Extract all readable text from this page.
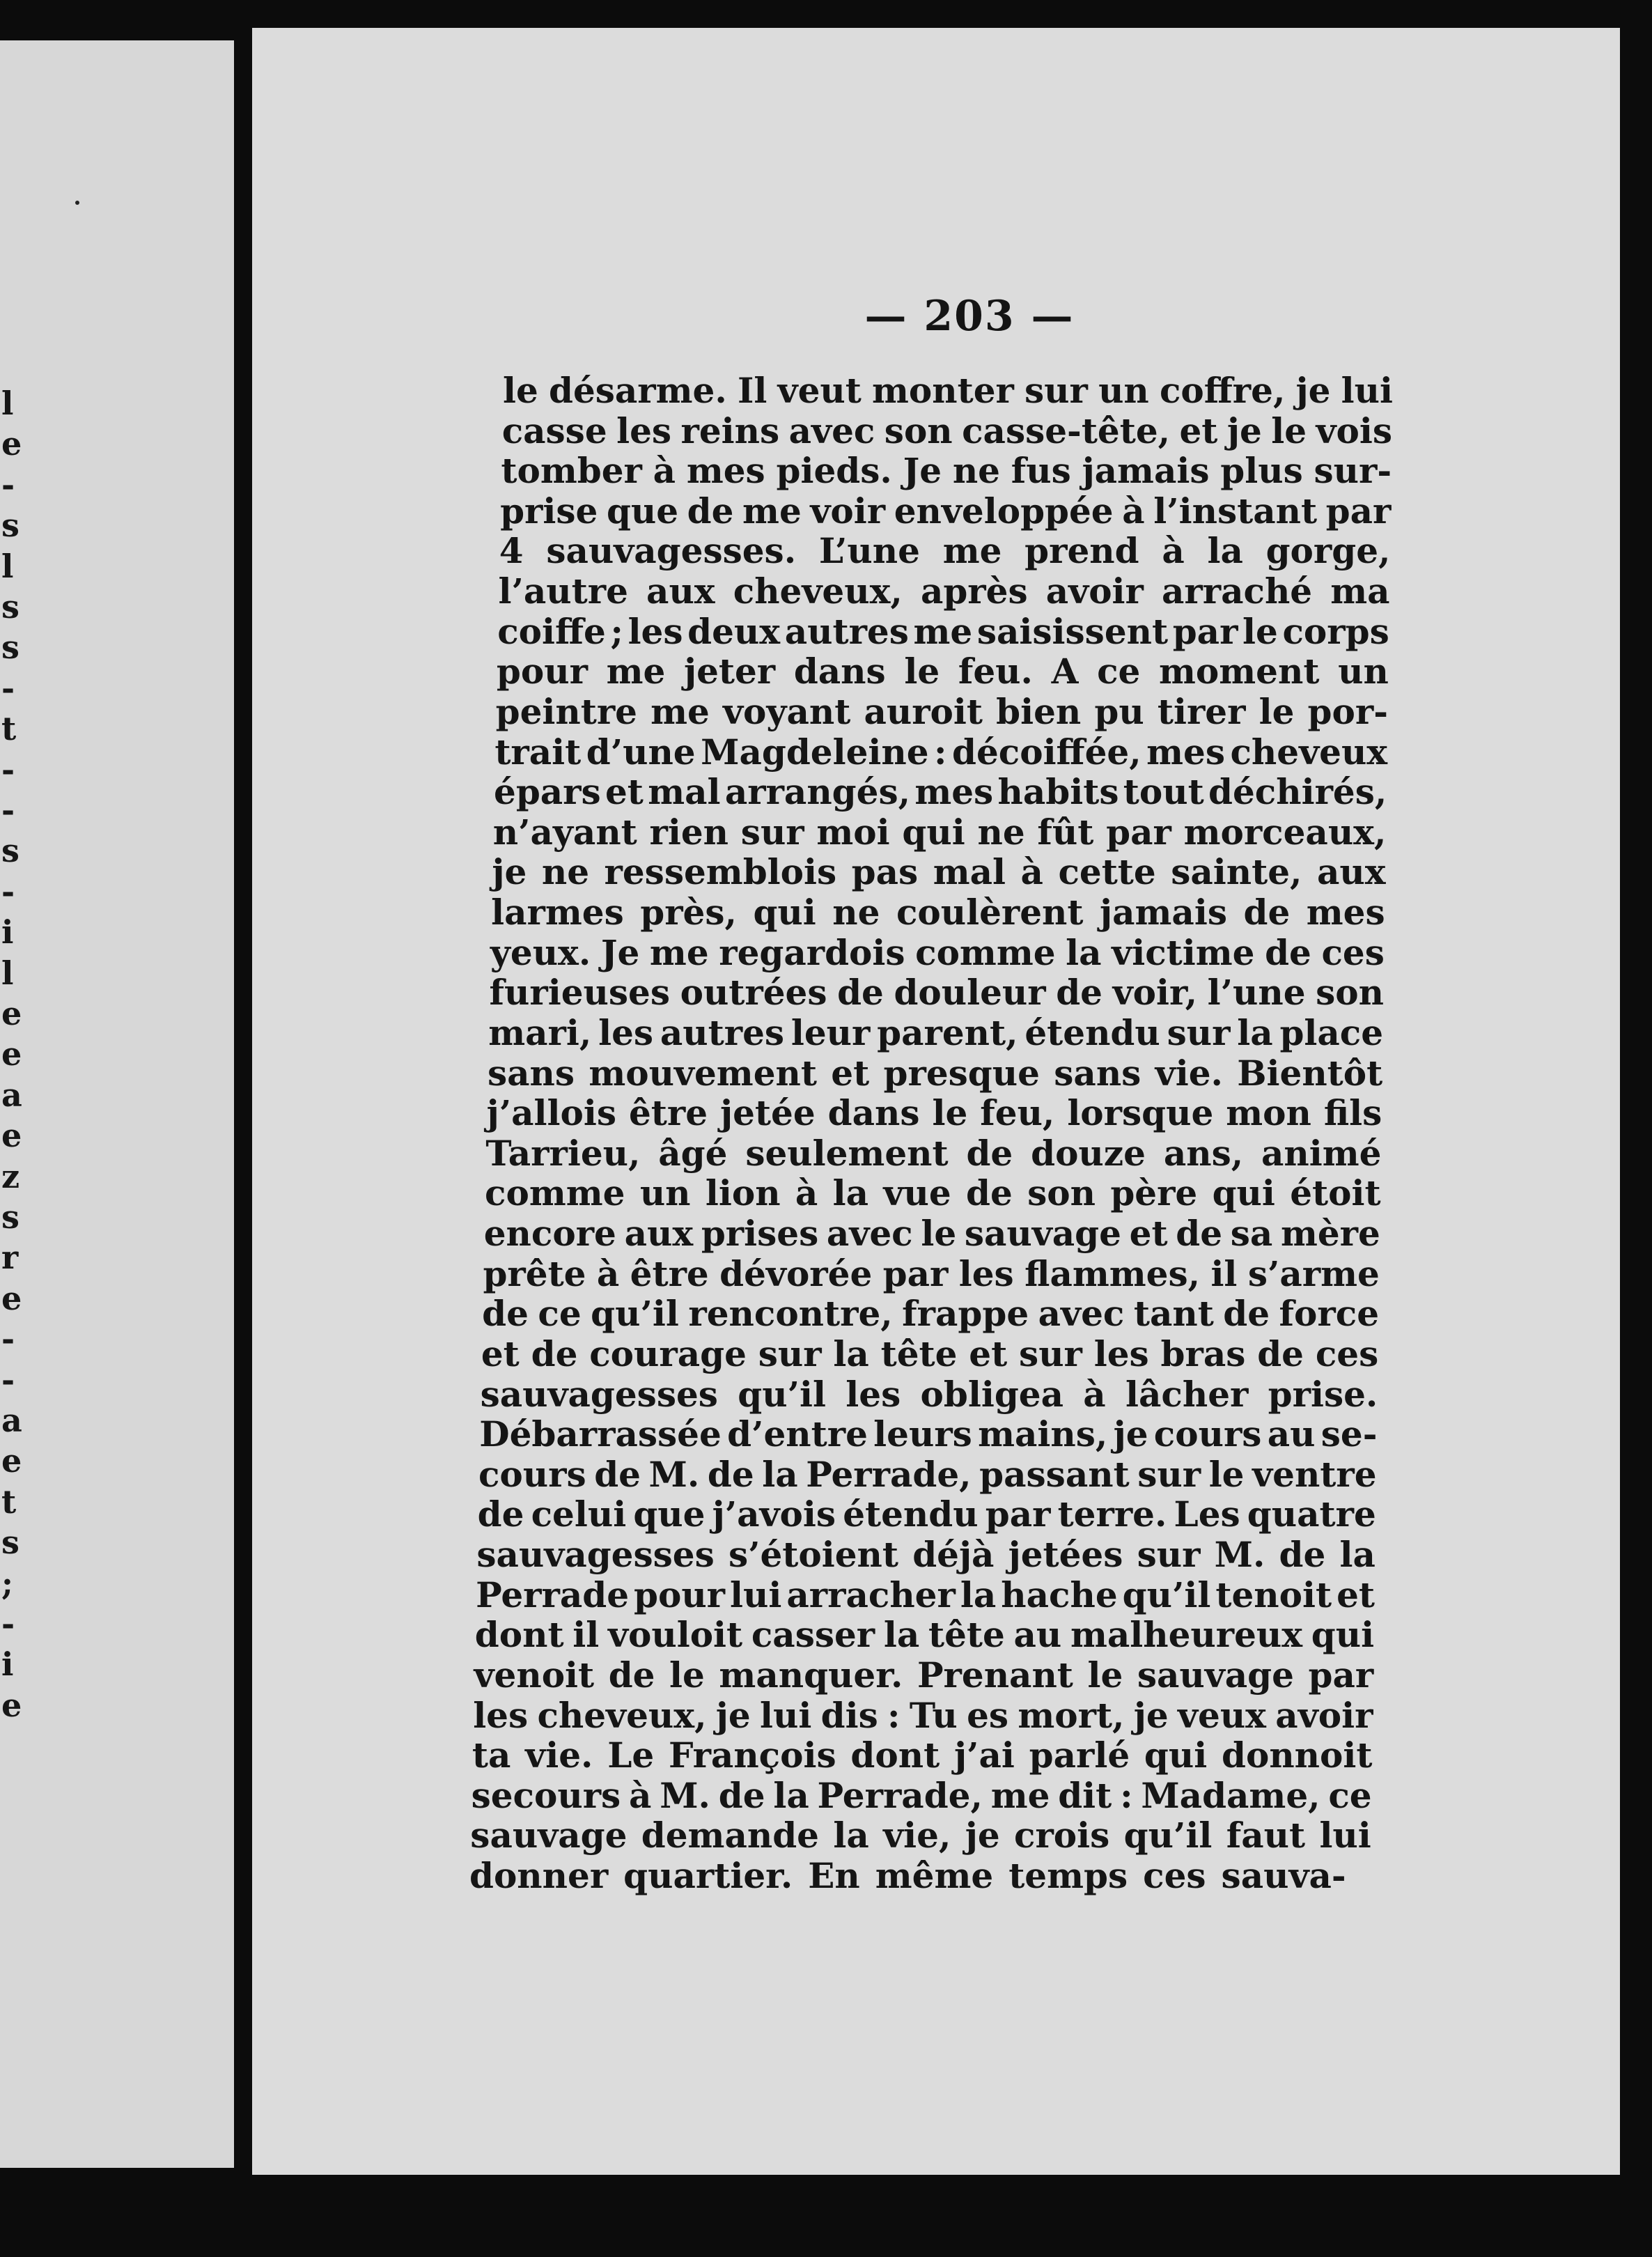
l
e
-
s
l
s
s
-
t
-
-
s
-
i
l
e
e
a
e
z
s
r
e
-
-
a
e
t
s
;
-
i
e
— 203 —
le désarme. Il veut monter sur un coffre, je lui
casse les reins avec son casse-tête, et je le vois
tomber à mes pieds. Je ne fus jamais plus sur-
prise que de me voir enveloppée à l’instant par
4 sauvagesses. L’une me prend à la gorge,
l’autre aux cheveux, après avoir arraché ma
coiffe ; les deux autres me saisissent par le corps
pour me jeter dans le feu. A ce moment un
peintre me voyant auroit bien pu tirer le por-
trait d’une Magdeleine : décoiffée, mes cheveux
épars et mal arrangés, mes habits tout déchirés,
n’ayant rien sur moi qui ne fût par morceaux,
je ne ressemblois pas mal à cette sainte, aux
larmes près, qui ne coulèrent jamais de mes
yeux. Je me regardois comme la victime de ces
furieuses outrées de douleur de voir, l’une son
mari, les autres leur parent, étendu sur la place
sans mouvement et presque sans vie. Bientôt
j’allois être jetée dans le feu, lorsque mon fils
Tarrieu, âgé seulement de douze ans, animé
comme un lion à la vue de son père qui étoit
encore aux prises avec le sauvage et de sa mère
prête à être dévorée par les flammes, il s’arme
de ce qu’il rencontre, frappe avec tant de force
et de courage sur la tête et sur les bras de ces
sauvagesses qu’il les obligea à lâcher prise.
Débarrassée d’entre leurs mains, je cours au se-
cours de M. de la Perrade, passant sur le ventre
de celui que j’avois étendu par terre. Les quatre
sauvagesses s’étoient déjà jetées sur M. de la
Perrade pour lui arracher la hache qu’il tenoit et
dont il vouloit casser la tête au malheureux qui
venoit de le manquer. Prenant le sauvage par
les cheveux, je lui dis : Tu es mort, je veux avoir
ta vie. Le François dont j’ai parlé qui donnoit
secours à M. de la Perrade, me dit : Madame, ce
sauvage demande la vie, je crois qu’il faut lui
donner quartier. En même temps ces sauva-
